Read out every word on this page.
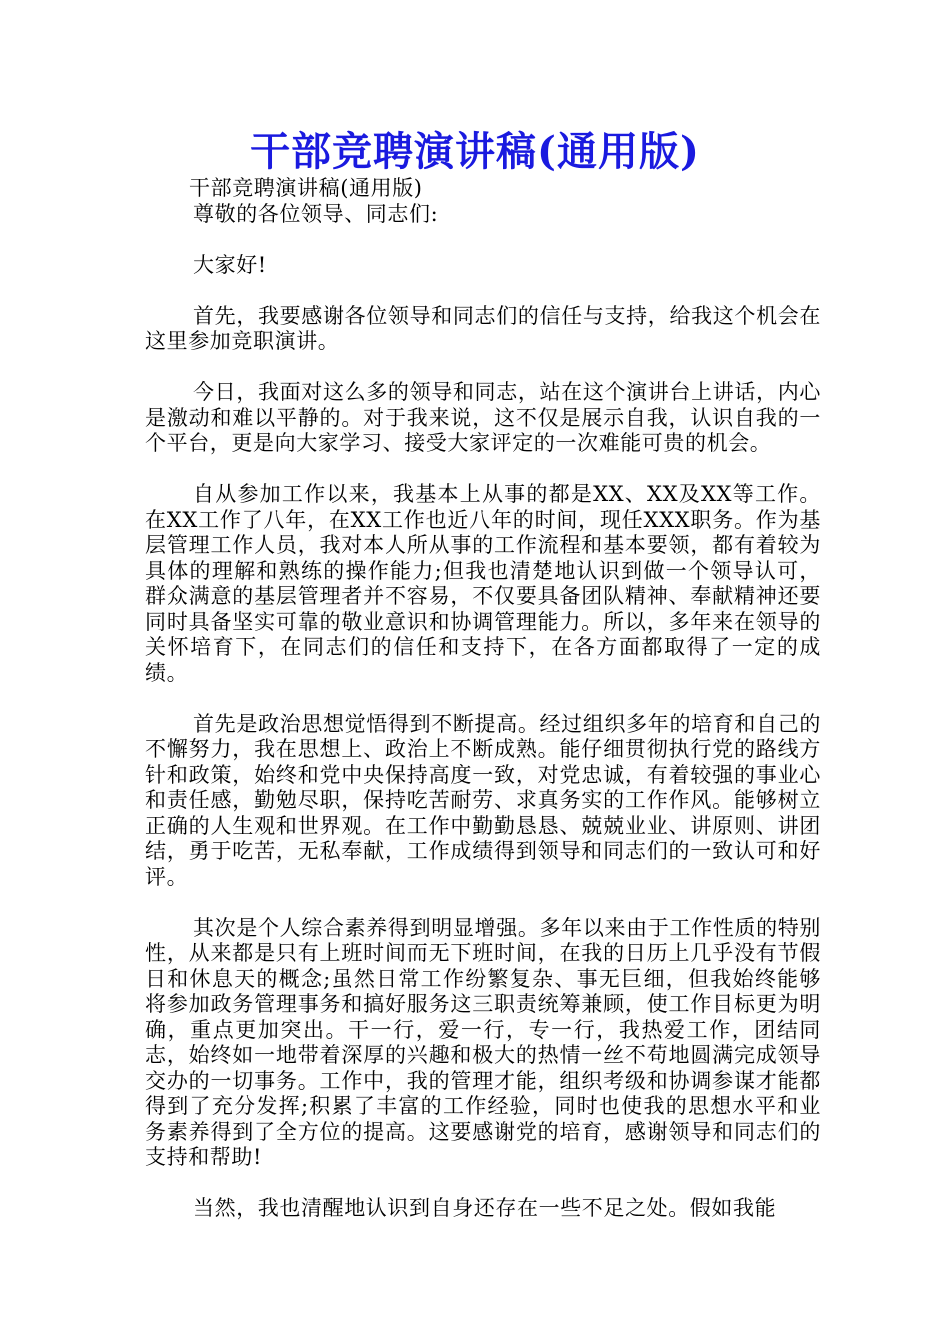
干部竞聘演讲稿(通用版)
干部竞聘演讲稿(通用版)
尊敬的各位领导、同志们:
大家好!

首先，我要感谢各位领导和同志们的信任与支持，给我这个机会在这里参加竞职演讲。

今日，我面对这么多的领导和同志，站在这个演讲台上讲话，内心是激动和难以平静的。对于我来说，这不仅是展示自我，认识自我的一个平台，更是向大家学习、接受大家评定的一次难能可贵的机会。

自从参加工作以来，我基本上从事的都是XX、XX及XX等工作。在XX工作了八年，在XX工作也近八年的时间，现任XXX职务。作为基层管理工作人员，我对本人所从事的工作流程和基本要领，都有着较为具体的理解和熟练的操作能力;但我也清楚地认识到做一个领导认可，群众满意的基层管理者并不容易，不仅要具备团队精神、奉献精神还要同时具备坚实可靠的敬业意识和协调管理能力。所以，多年来在领导的关怀培育下，在同志们的信任和支持下，在各方面都取得了一定的成绩。

首先是政治思想觉悟得到不断提高。经过组织多年的培育和自己的不懈努力，我在思想上、政治上不断成熟。能仔细贯彻执行党的路线方针和政策，始终和党中央保持高度一致，对党忠诚，有着较强的事业心和责任感，勤勉尽职，保持吃苦耐劳、求真务实的工作作风。能够树立正确的人生观和世界观。在工作中勤勤恳恳、兢兢业业、讲原则、讲团结，勇于吃苦，无私奉献，工作成绩得到领导和同志们的一致认可和好评。

其次是个人综合素养得到明显增强。多年以来由于工作性质的特别性，从来都是只有上班时间而无下班时间，在我的日历上几乎没有节假日和休息天的概念;虽然日常工作纷繁复杂、事无巨细，但我始终能够将参加政务管理事务和搞好服务这三职责统筹兼顾，使工作目标更为明确，重点更加突出。干一行，爱一行，专一行，我热爱工作，团结同志，始终如一地带着深厚的兴趣和极大的热情一丝不苟地圆满完成领导交办的一切事务。工作中，我的管理才能，组织考级和协调参谋才能都得到了充分发挥;积累了丰富的工作经验，同时也使我的思想水平和业务素养得到了全方位的提高。这要感谢党的培育，感谢领导和同志们的支持和帮助!

当然，我也清醒地认识到自身还存在一些不足之处。假如我能
